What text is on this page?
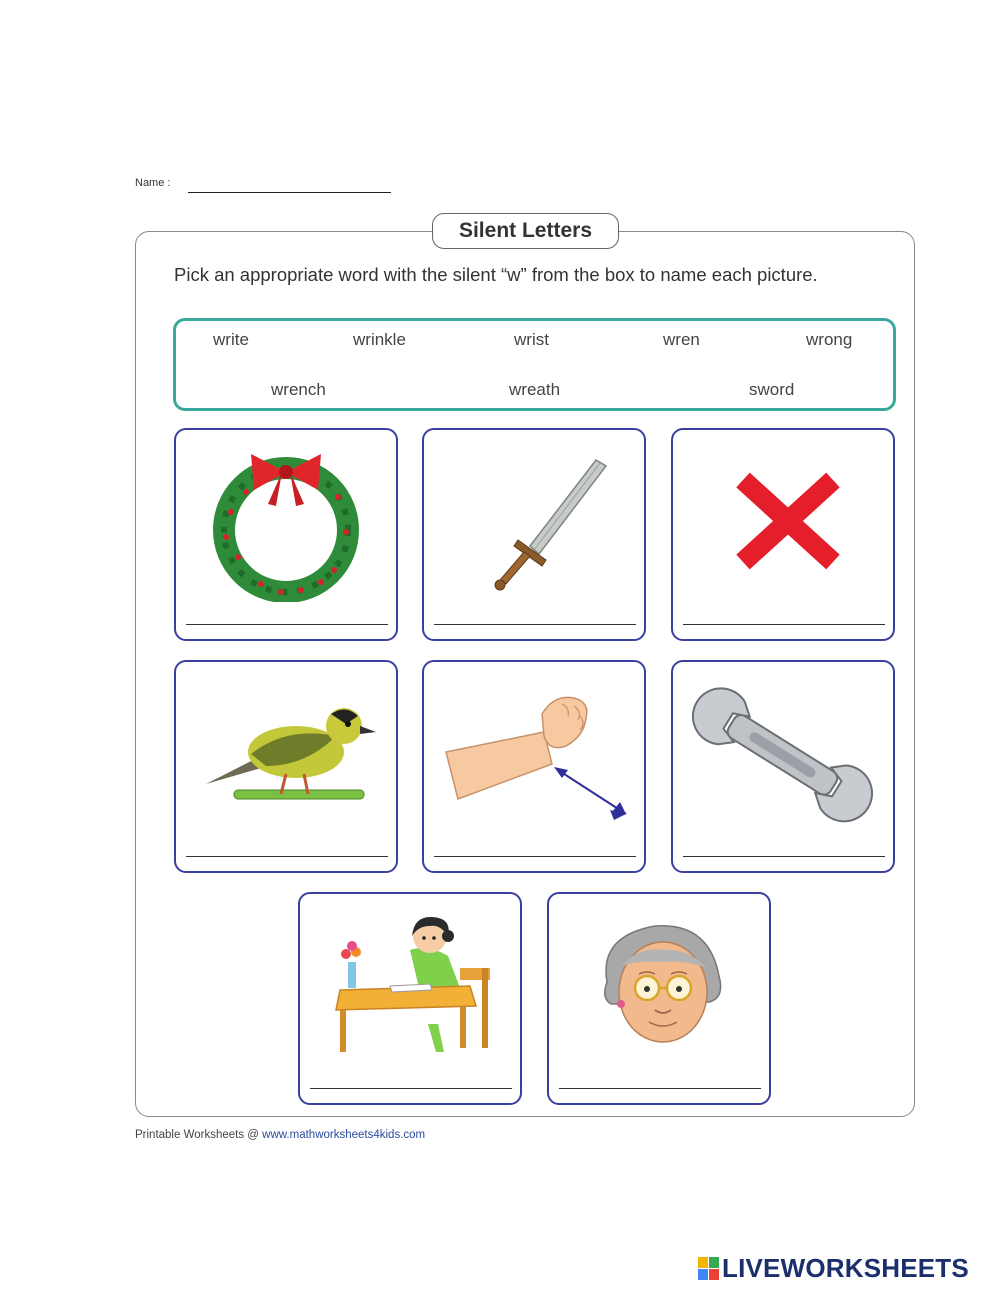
Name :
Silent Letters
Pick an appropriate word with the silent “w” from the box to name each picture.
write	wrinkle	wrist	wren	wrong
wrench	wreath	sword
Printable Worksheets @ www.mathworksheets4kids.com
LIVEWORKSHEETS
